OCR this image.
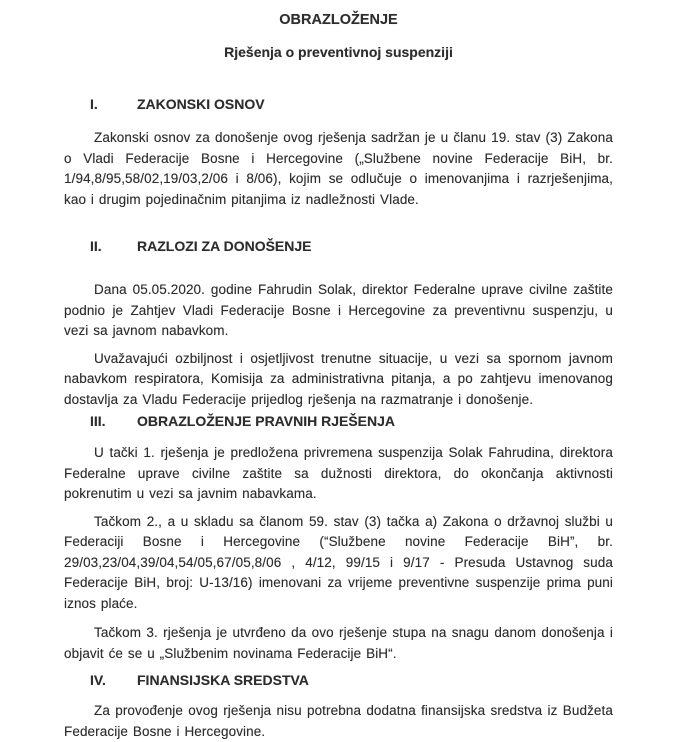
OBRAZLOŽENJE
Rješenja o preventivnoj suspenziji
I.	ZAKONSKI OSNOV

Zakonski osnov za donošenje ovog rješenja sadržan je u članu 19. stav (3) Zakona o Vladi Federacije Bosne i Hercegovine („Službene novine Federacije BiH, br. 1/94,8/95,58/02,19/03,2/06 i 8/06), kojim se odlučuje o imenovanjima i razrješenjima, kao i drugim pojedinačnim pitanjima iz nadležnosti Vlade.

II.	RAZLOZI ZA DONOŠENJE

Dana 05.05.2020. godine Fahrudin Solak, direktor Federalne uprave civilne zaštite podnio je Zahtjev Vladi Federacije Bosne i Hercegovine za preventivnu suspenzju, u vezi sa javnom nabavkom.

Uvažavajući ozbiljnost i osjetljivost trenutne situacije, u vezi sa spornom javnom nabavkom respiratora, Komisija za administrativna pitanja, a po zahtjevu imenovanog dostavlja za Vladu Federacije prijedlog rješenja na razmatranje i donošenje.

III.	OBRAZLOŽENJE PRAVNIH RJEŠENJA

U tački 1. rješenja je predložena privremena suspenzija Solak Fahrudina, direktora Federalne uprave civilne zaštite sa dužnosti direktora, do okončanja aktivnosti pokrenutim u vezi sa javnim nabavkama.

Tačkom 2., a u skladu sa članom 59. stav (3) tačka a) Zakona o državnoj službi u Federaciji Bosne i Hercegovine (“Službene novine Federacije BiH”, br. 29/03,23/04,39/04,54/05,67/05,8/06 , 4/12, 99/15 i 9/17 - Presuda Ustavnog suda Federacije BiH, broj: U-13/16) imenovani za vrijeme preventivne suspenzije prima puni iznos plaće.

Tačkom 3. rješenja je utvrđeno da ovo rješenje stupa na snagu danom donošenja i objavit će se u „Službenim novinama Federacije BiH“.

IV.	FINANSIJSKA SREDSTVA

Za provođenje ovog rješenja nisu potrebna dodatna finansijska sredstva iz Budžeta Federacije Bosne i Hercegovine.
